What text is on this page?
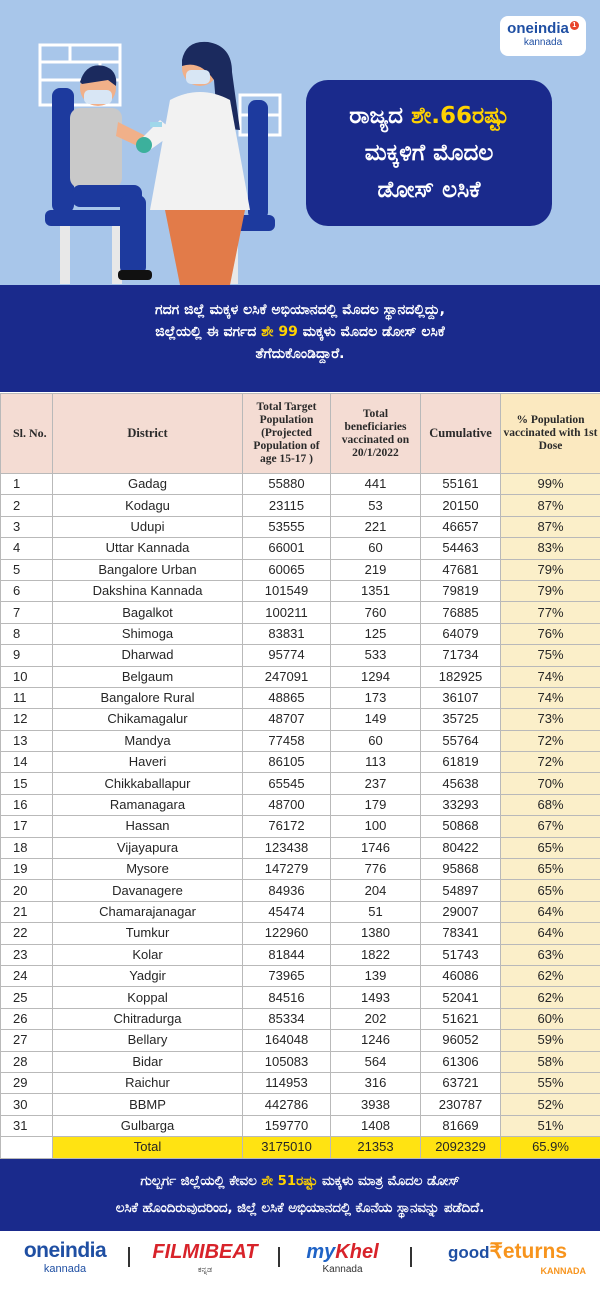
oneindia 1
kannada
ರಾಜ್ಯದ ಶೇ.66ರಷ್ಟು
ಮಕ್ಕಳಿಗೆ ಮೊದಲ
ಡೋಸ್ ಲಸಿಕೆ
ಗದಗ ಜಿಲ್ಲೆ ಮಕ್ಕಳ ಲಸಿಕೆ ಅಭಿಯಾನದಲ್ಲಿ ಮೊದಲ ಸ್ಥಾನದಲ್ಲಿದ್ದು,
ಜಿಲ್ಲೆಯಲ್ಲಿ ಈ ವರ್ಗದ ಶೇ 99 ಮಕ್ಕಳು ಮೊದಲ ಡೋಸ್ ಲಸಿಕೆ
ತೆಗೆದುಕೊಂಡಿದ್ದಾರೆ.
Sl. No.	District	Total Target Population (Projected Population of age 15-17 )	Total beneficiaries vaccinated on 20/1/2022	Cumulative	% Population vaccinated with 1st Dose
1	Gadag	55880	441	55161	99%
2	Kodagu	23115	53	20150	87%
3	Udupi	53555	221	46657	87%
4	Uttar Kannada	66001	60	54463	83%
5	Bangalore Urban	60065	219	47681	79%
6	Dakshina Kannada	101549	1351	79819	79%
7	Bagalkot	100211	760	76885	77%
8	Shimoga	83831	125	64079	76%
9	Dharwad	95774	533	71734	75%
10	Belgaum	247091	1294	182925	74%
11	Bangalore Rural	48865	173	36107	74%
12	Chikamagalur	48707	149	35725	73%
13	Mandya	77458	60	55764	72%
14	Haveri	86105	113	61819	72%
15	Chikkaballapur	65545	237	45638	70%
16	Ramanagara	48700	179	33293	68%
17	Hassan	76172	100	50868	67%
18	Vijayapura	123438	1746	80422	65%
19	Mysore	147279	776	95868	65%
20	Davanagere	84936	204	54897	65%
21	Chamarajanagar	45474	51	29007	64%
22	Tumkur	122960	1380	78341	64%
23	Kolar	81844	1822	51743	63%
24	Yadgir	73965	139	46086	62%
25	Koppal	84516	1493	52041	62%
26	Chitradurga	85334	202	51621	60%
27	Bellary	164048	1246	96052	59%
28	Bidar	105083	564	61306	58%
29	Raichur	114953	316	63721	55%
30	BBMP	442786	3938	230787	52%
31	Gulbarga	159770	1408	81669	51%
	Total	3175010	21353	2092329	65.9%
ಗುಲ್ಬರ್ಗ ಜಿಲ್ಲೆಯಲ್ಲಿ ಕೇವಲ ಶೇ 51ರಷ್ಟು ಮಕ್ಕಳು ಮಾತ್ರ ಮೊದಲ ಡೋಸ್
ಲಸಿಕೆ ಹೊಂದಿರುವುದರಿಂದ, ಜಿಲ್ಲೆ ಲಸಿಕೆ ಅಭಿಯಾನದಲ್ಲಿ ಕೊನೆಯ ಸ್ಥಾನವನ್ನು ಪಡೆದಿದೆ.
oneindia
kannada
FILMIBEAT
ಕನ್ನಡ
myKhel
Kannada
good₹eturns
KANNADA
